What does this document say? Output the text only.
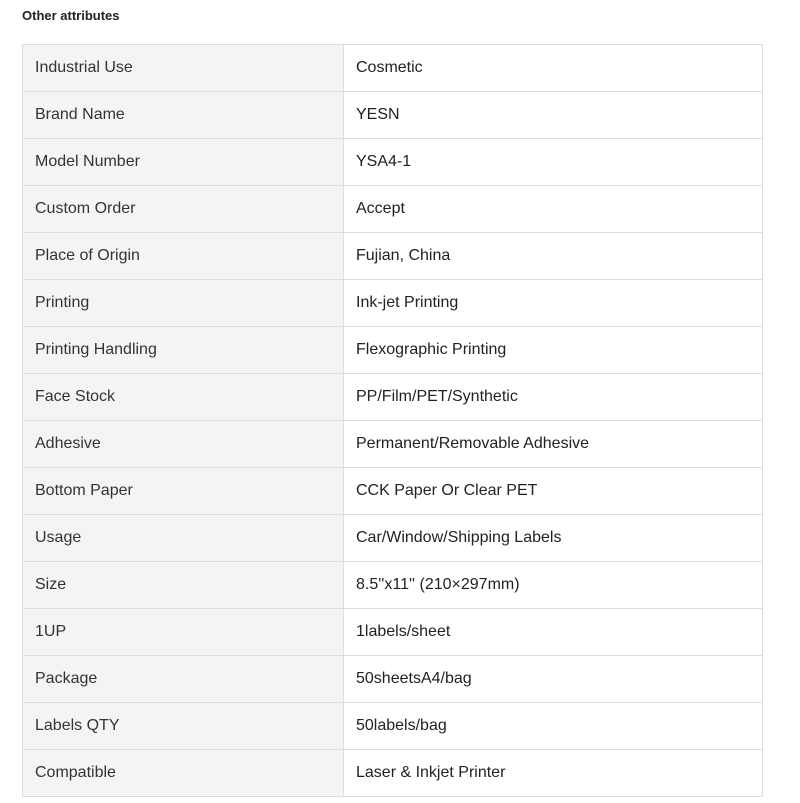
Other attributes
Industrial Use	Cosmetic
Brand Name	YESN
Model Number	YSA4-1
Custom Order	Accept
Place of Origin	Fujian, China
Printing	Ink-jet Printing
Printing Handling	Flexographic Printing
Face Stock	PP/Film/PET/Synthetic
Adhesive	Permanent/Removable Adhesive
Bottom Paper	CCK Paper Or Clear PET
Usage	Car/Window/Shipping Labels
Size	8.5''x11'' (210×297mm)
1UP	1labels/sheet
Package	50sheetsA4/bag
Labels QTY	50labels/bag
Compatible	Laser & Inkjet Printer
